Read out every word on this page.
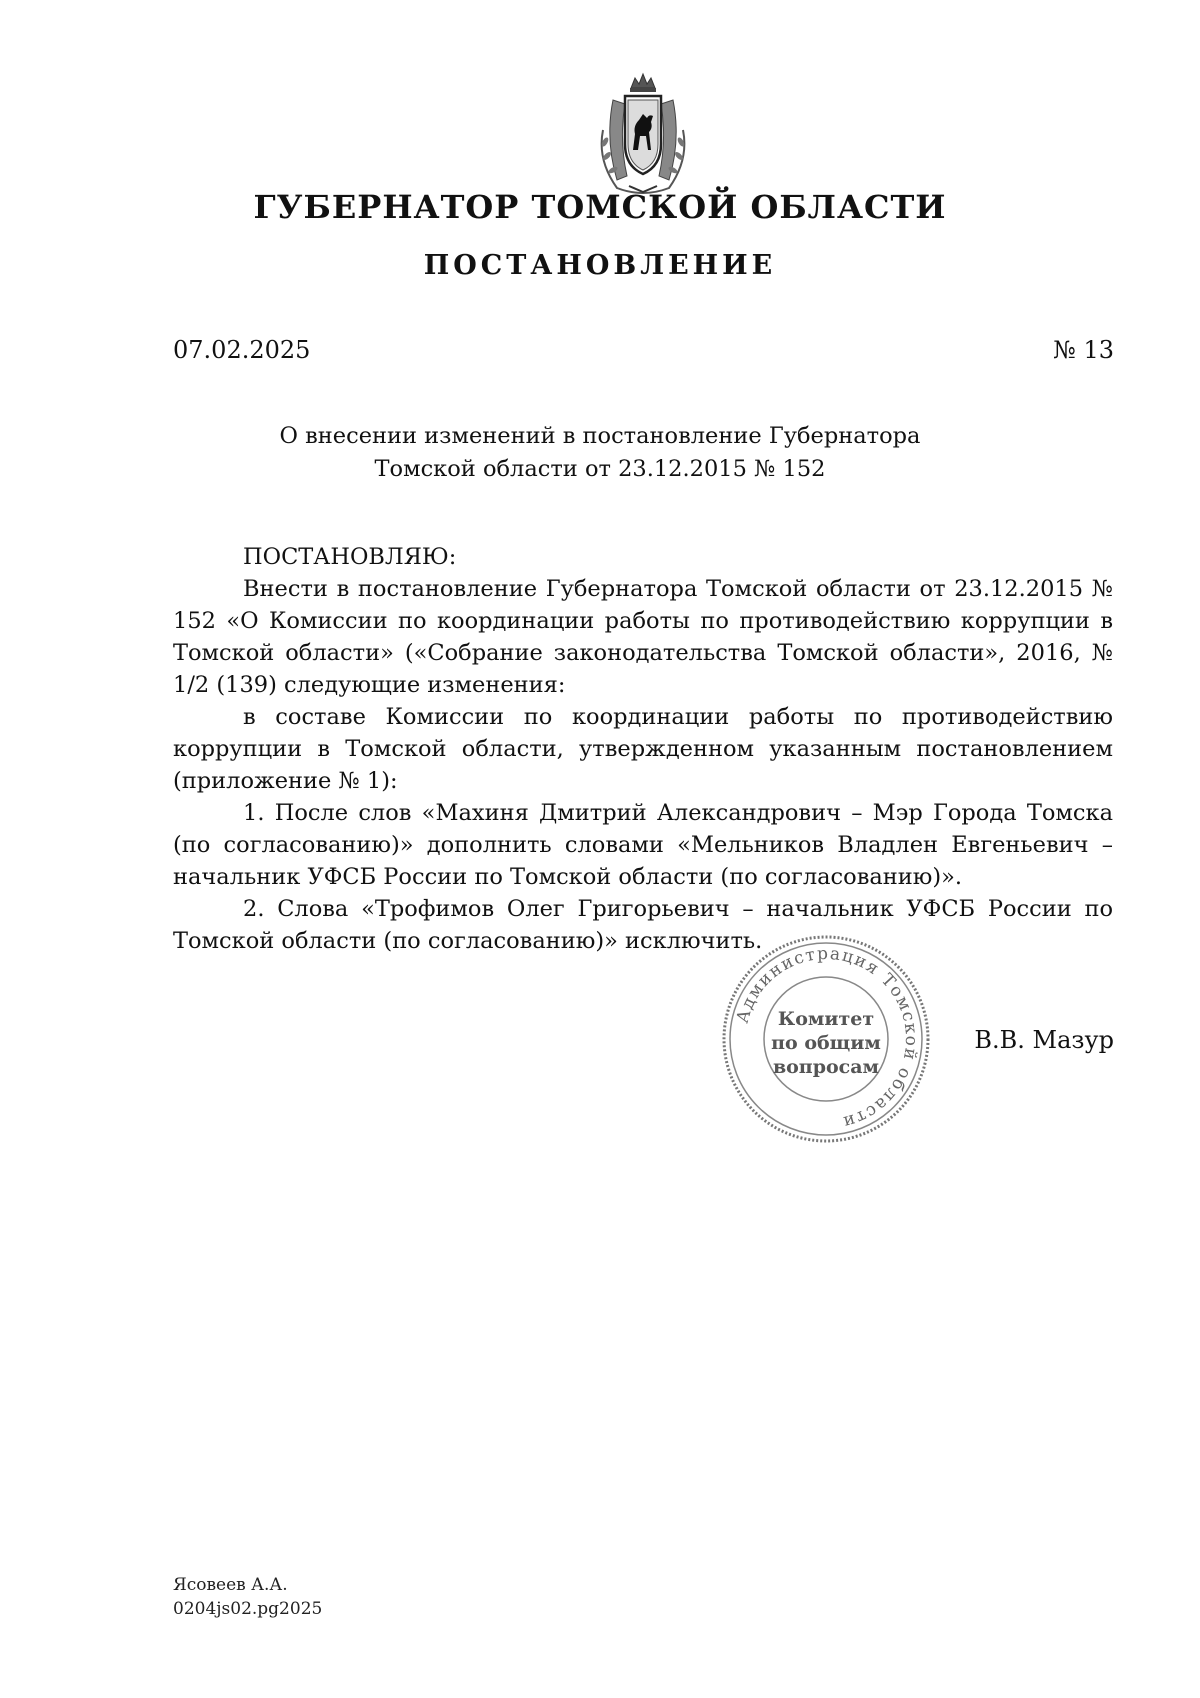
ГУБЕРНАТОР ТОМСКОЙ ОБЛАСТИ
ПОСТАНОВЛЕНИЕ
07.02.2025	№ 13
О внесении изменений в постановление Губернатора
Томской области от 23.12.2015 № 152

ПОСТАНОВЛЯЮ:

Внести в постановление Губернатора Томской области от 23.12.2015 № 152 «О Комиссии по координации работы по противодействию коррупции в Томской области» («Собрание законодательства Томской области», 2016, № 1/2 (139) следующие изменения:

в составе Комиссии по координации работы по противодействию коррупции в Томской области, утвержденном указанным постановлением (приложение № 1):

1. После слов «Махиня Дмитрий Александрович – Мэр Города Томска (по согласованию)» дополнить словами «Мельников Владлен Евгеньевич – начальник УФСБ России по Томской области (по согласованию)».

2. Слова «Трофимов Олег Григорьевич – начальник УФСБ России по Томской области (по согласованию)» исключить.

Администрация Томской области
Комитет
по общим
вопросам
В.В. Мазур
Ясовеев А.А.
0204js02.pg2025
